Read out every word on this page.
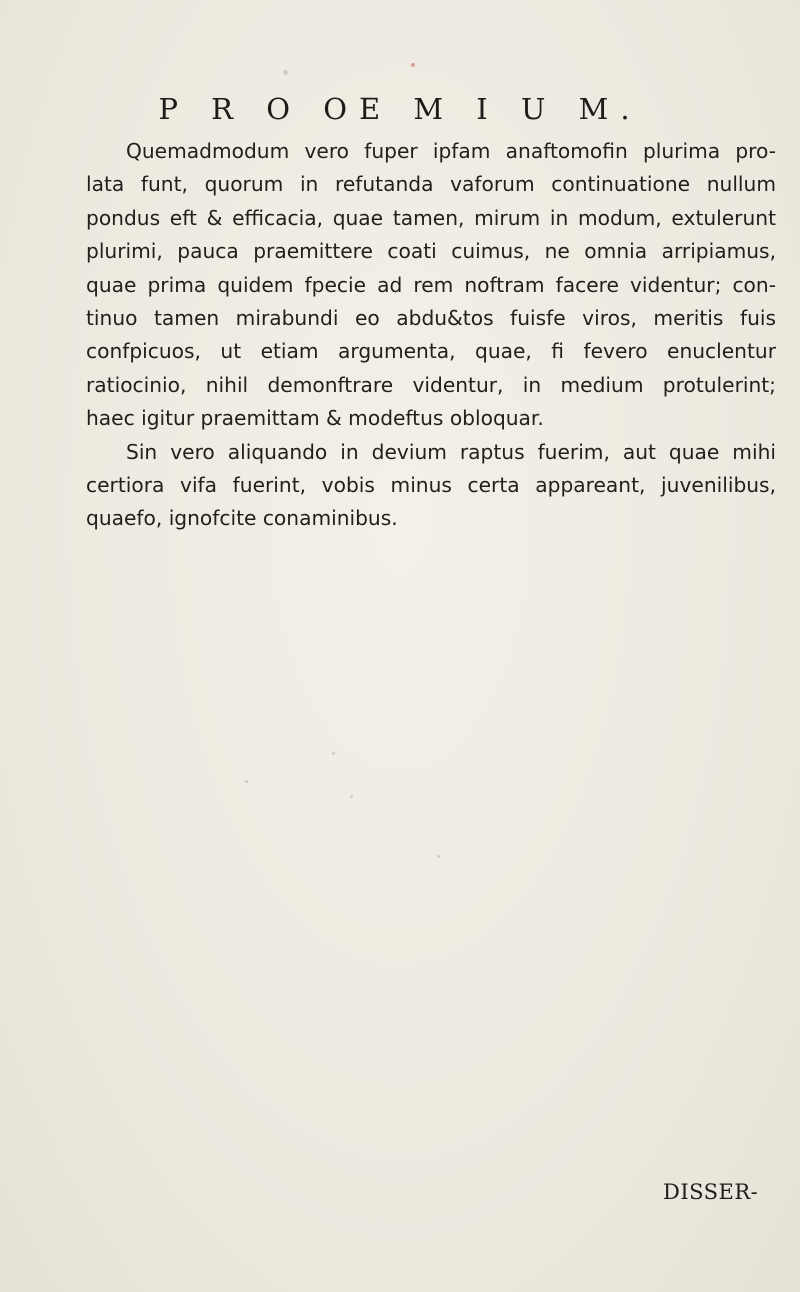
P R O OE M I U M.
Quemadmodum vero fuper ipfam anaftomofin plurima pro-
lata funt, quorum in refutanda vaforum continuatione nullum
pondus eft & efficacia, quae tamen, mirum in modum, extulerunt
plurimi, pauca praemittere coati cuimus, ne omnia arripiamus,
quae prima quidem fpecie ad rem noftram facere videntur; con-
tinuo tamen mirabundi eo abdu&tos fuisfe viros, meritis fuis
confpicuos, ut etiam argumenta, quae, fi fevero enuclentur
ratiocinio, nihil demonftrare videntur, in medium protulerint;
haec igitur praemittam & modeftus obloquar.
Sin vero aliquando in devium raptus fuerim, aut quae mihi
certiora vifa fuerint, vobis minus certa appareant, juvenilibus,
quaefo, ignofcite conaminibus.
DISSER-
